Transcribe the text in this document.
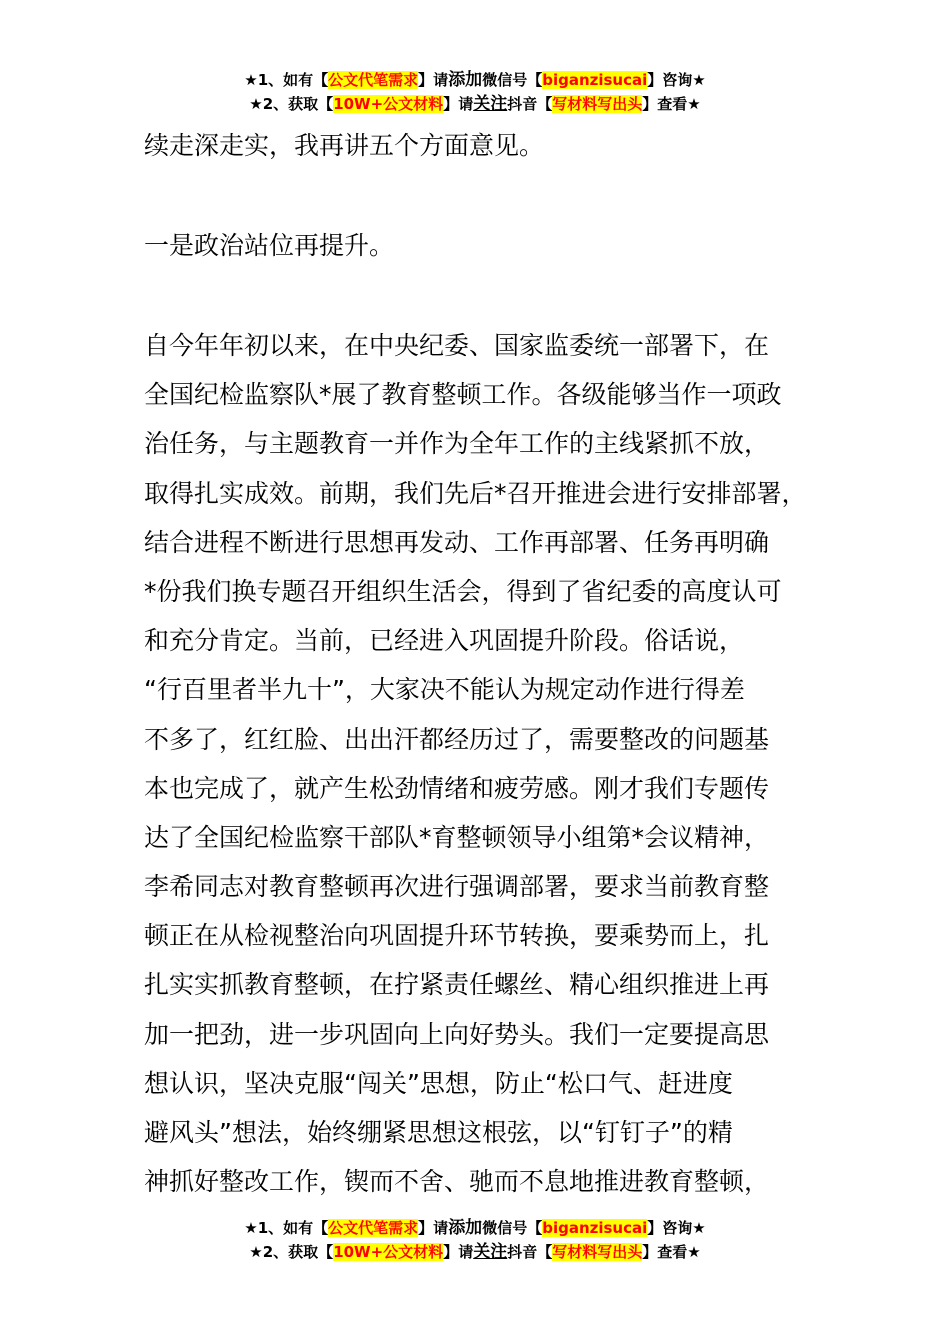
★1、如有【公文代笔需求】请添加微信号【biganzisucai】咨询★
★2、获取【10W+公文材料】请关注抖音【写材料写出头】查看★
续走深走实，我再讲五个方面意见。
一是政治站位再提升。
自今年年初以来，在中央纪委、国家监委统一部署下，在
全国纪检监察队*展了教育整顿工作。各级能够当作一项政
治任务，与主题教育一并作为全年工作的主线紧抓不放，
取得扎实成效。前期，我们先后*召开推进会进行安排部署，
结合进程不断进行思想再发动、工作再部署、任务再明确
*份我们换专题召开组织生活会，得到了省纪委的高度认可
和充分肯定。当前，已经进入巩固提升阶段。俗话说，
“行百里者半九十”，大家决不能认为规定动作进行得差
不多了，红红脸、出出汗都经历过了，需要整改的问题基
本也完成了，就产生松劲情绪和疲劳感。刚才我们专题传
达了全国纪检监察干部队*育整顿领导小组第*会议精神，
李希同志对教育整顿再次进行强调部署，要求当前教育整
顿正在从检视整治向巩固提升环节转换，要乘势而上，扎
扎实实抓教育整顿，在拧紧责任螺丝、精心组织推进上再
加一把劲，进一步巩固向上向好势头。我们一定要提高思
想认识，坚决克服“闯关”思想，防止“松口气、赶进度
避风头”想法，始终绷紧思想这根弦，以“钉钉子”的精
神抓好整改工作，锲而不舍、驰而不息地推进教育整顿，
★1、如有【公文代笔需求】请添加微信号【biganzisucai】咨询★
★2、获取【10W+公文材料】请关注抖音【写材料写出头】查看★
